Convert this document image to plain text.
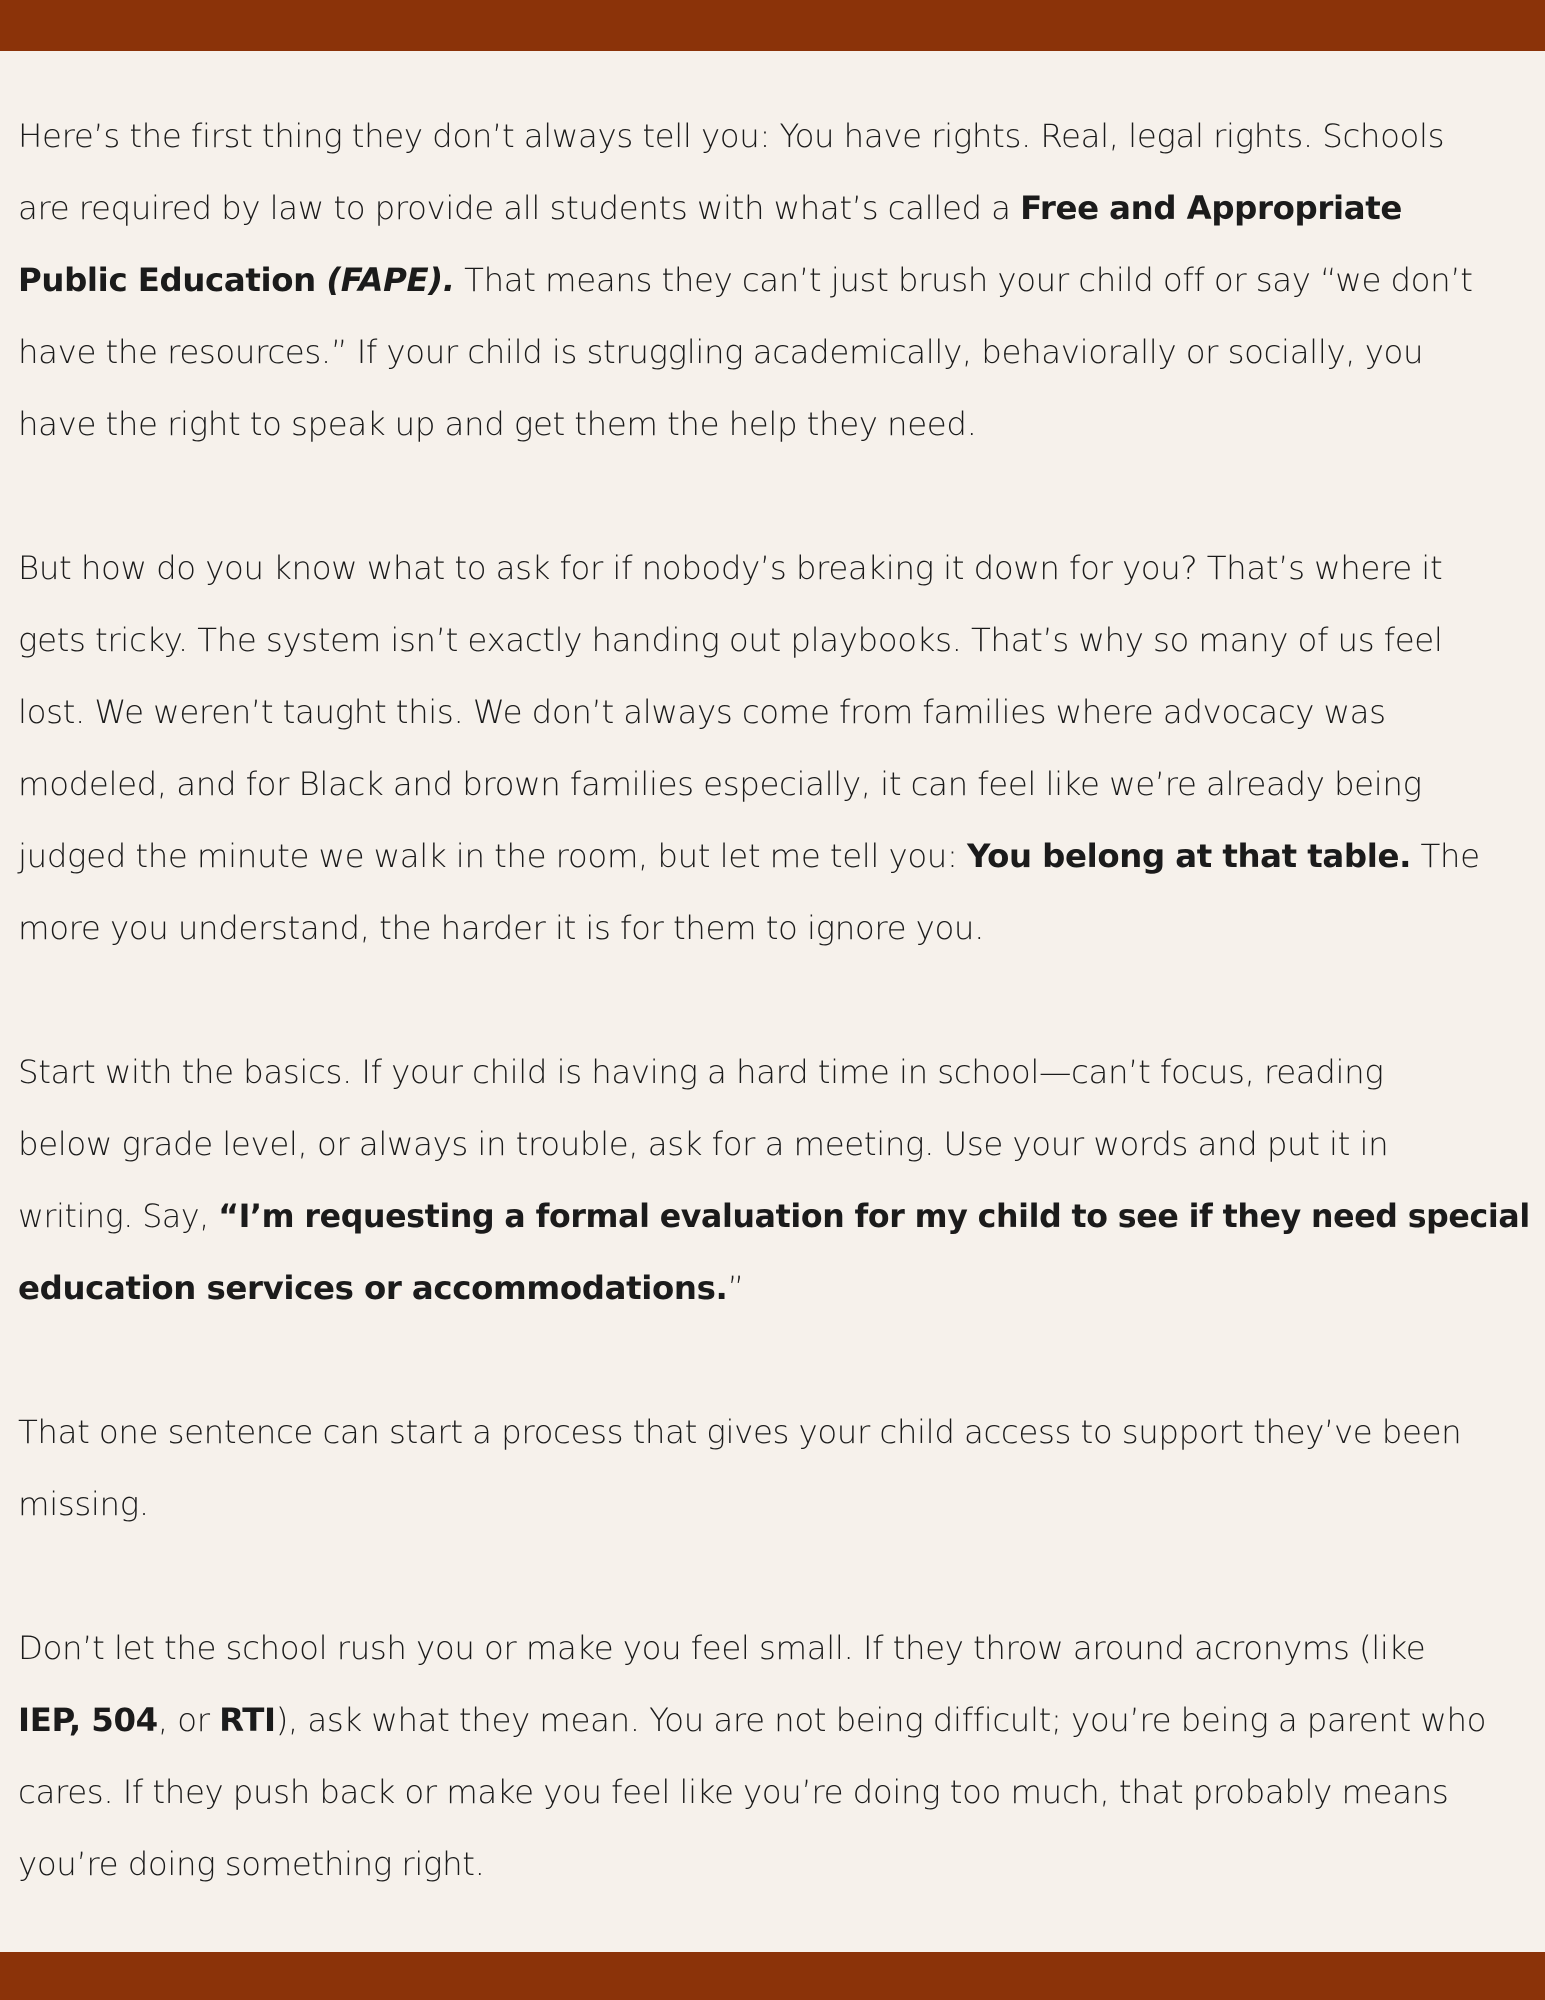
Here’s the first thing they don’t always tell you: You have rights. Real, legal rights. Schools
are required by law to provide all students with what’s called a Free and Appropriate
Public Education (FAPE). That means they can’t just brush your child off or say “we don’t
have the resources.” If your child is struggling academically, behaviorally or socially, you
have the right to speak up and get them the help they need.

But how do you know what to ask for if nobody’s breaking it down for you? That’s where it
gets tricky. The system isn’t exactly handing out playbooks. That’s why so many of us feel
lost. We weren’t taught this. We don’t always come from families where advocacy was
modeled, and for Black and brown families especially, it can feel like we’re already being
judged the minute we walk in the room, but let me tell you: You belong at that table. The
more you understand, the harder it is for them to ignore you.

Start with the basics. If your child is having a hard time in school—can’t focus, reading
below grade level, or always in trouble, ask for a meeting. Use your words and put it in
writing. Say, “I’m requesting a formal evaluation for my child to see if they need special
education services or accommodations.”

That one sentence can start a process that gives your child access to support they’ve been
missing.

Don’t let the school rush you or make you feel small. If they throw around acronyms (like
IEP, 504, or RTI), ask what they mean. You are not being difficult; you’re being a parent who
cares. If they push back or make you feel like you’re doing too much, that probably means
you’re doing something right.
